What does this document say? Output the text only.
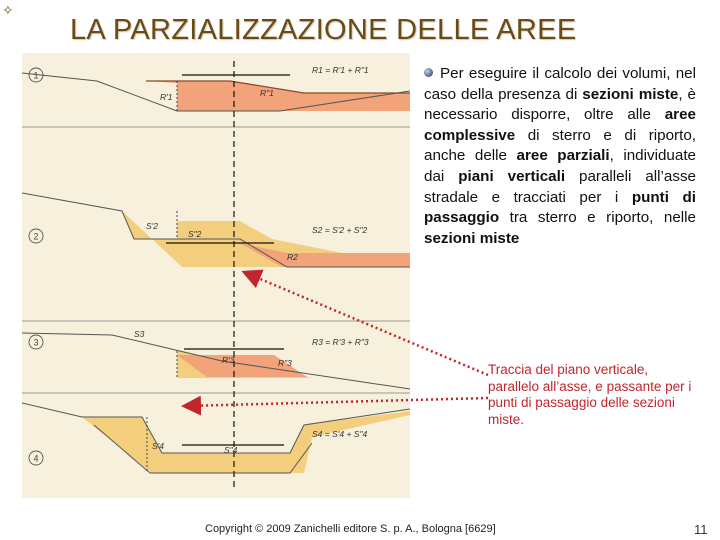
✧
LA PARZIALIZZAZIONE DELLE AREE
1
2
3
4
R1 = R'1 + R"1
R'1	R"1
S'2
S"2	S2 = S'2 + S"2
R2
S3
R3 = R'3 + R"3
R'3	R"3
S4 = S'4 + S"4
S'4	S"4
Per eseguire il calcolo dei volumi, nel caso della presenza di sezioni miste, è necessario disporre, oltre alle aree complessive di sterro e di riporto, anche delle aree parziali, individuate dai piani verticali paralleli all’asse stradale e tracciati per i punti di passaggio tra sterro e riporto, nelle sezioni miste
Traccia del piano verticale, parallelo all’asse, e passante per i punti di passaggio delle sezioni miste.
Copyright © 2009 Zanichelli editore S. p. A., Bologna [6629]	11
